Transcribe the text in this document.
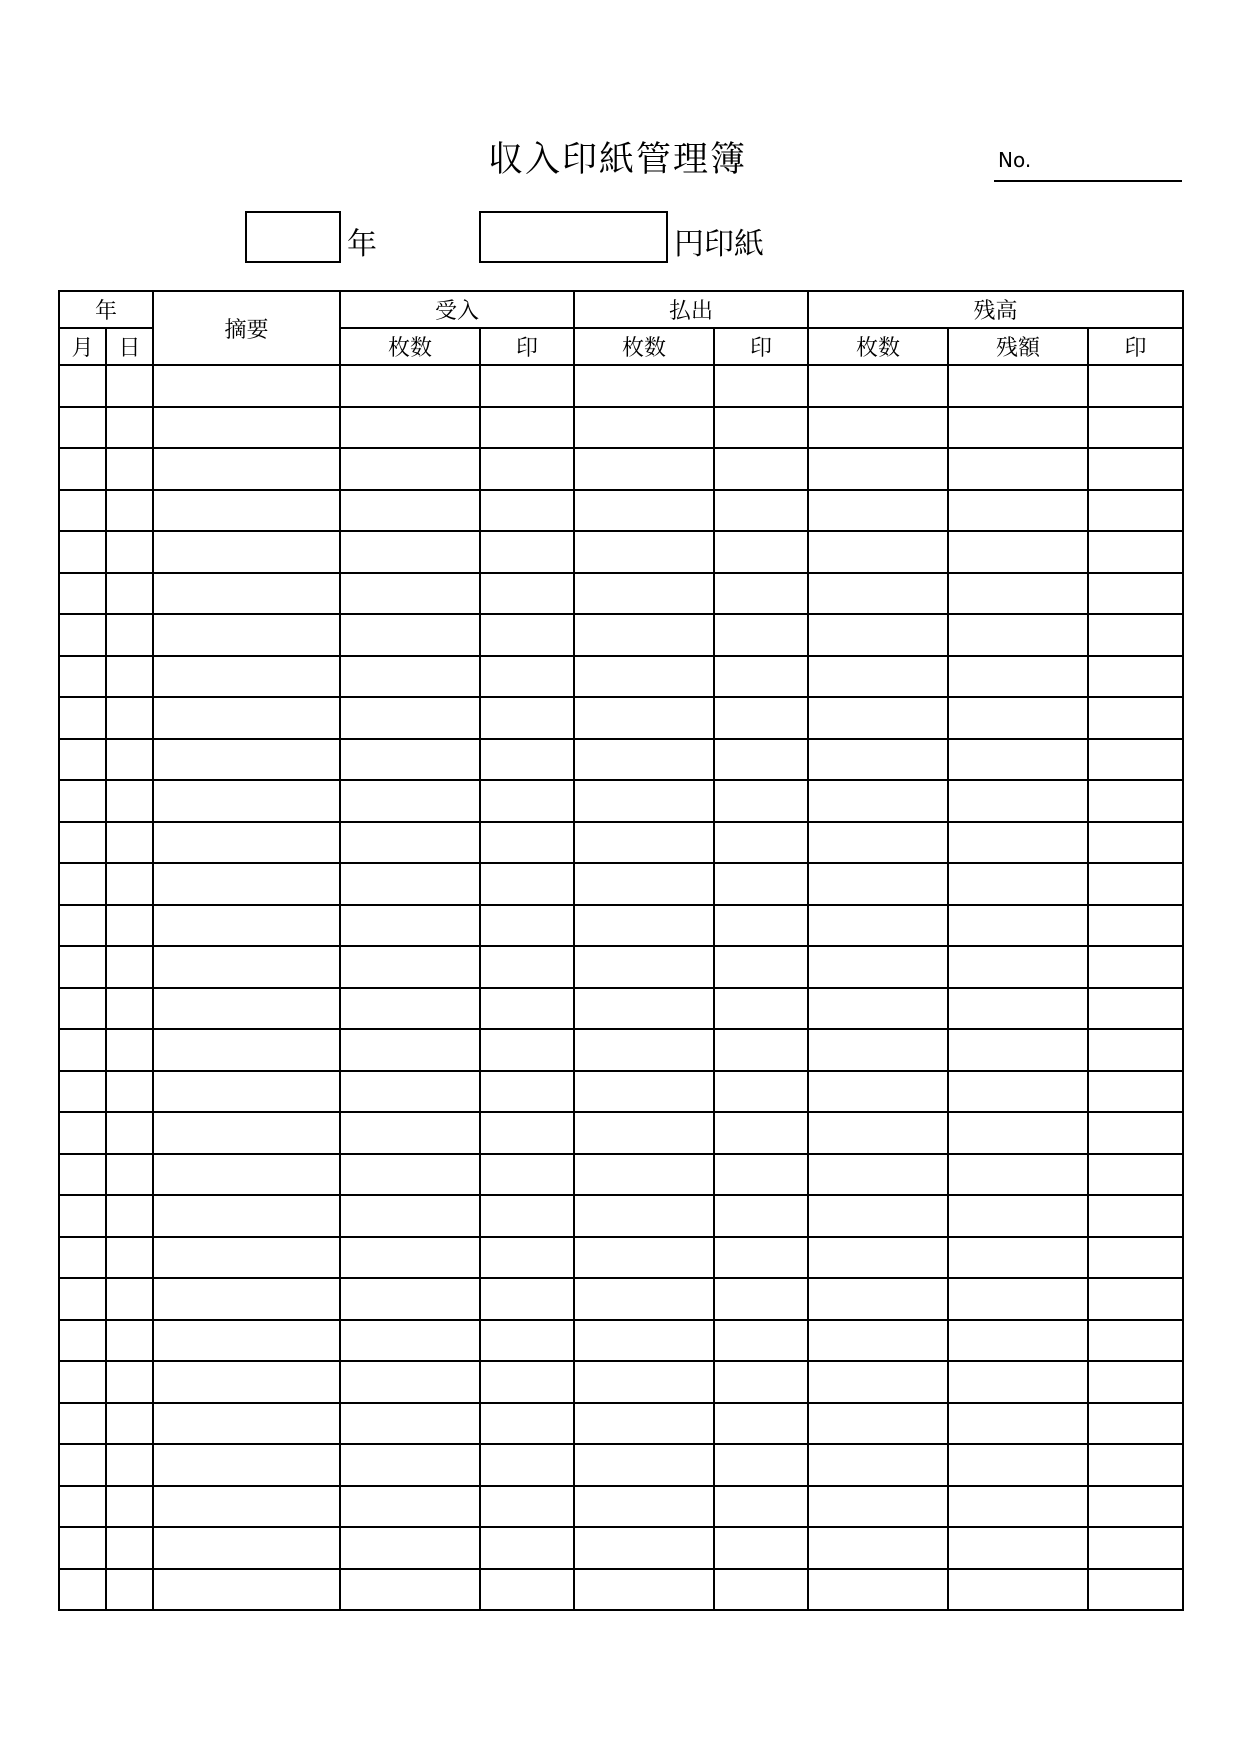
収入印紙管理簿	No.
年	円印紙
年		摘要	受入		払出		残高		
月	日		枚数	印	枚数	印	枚数	残額	印
